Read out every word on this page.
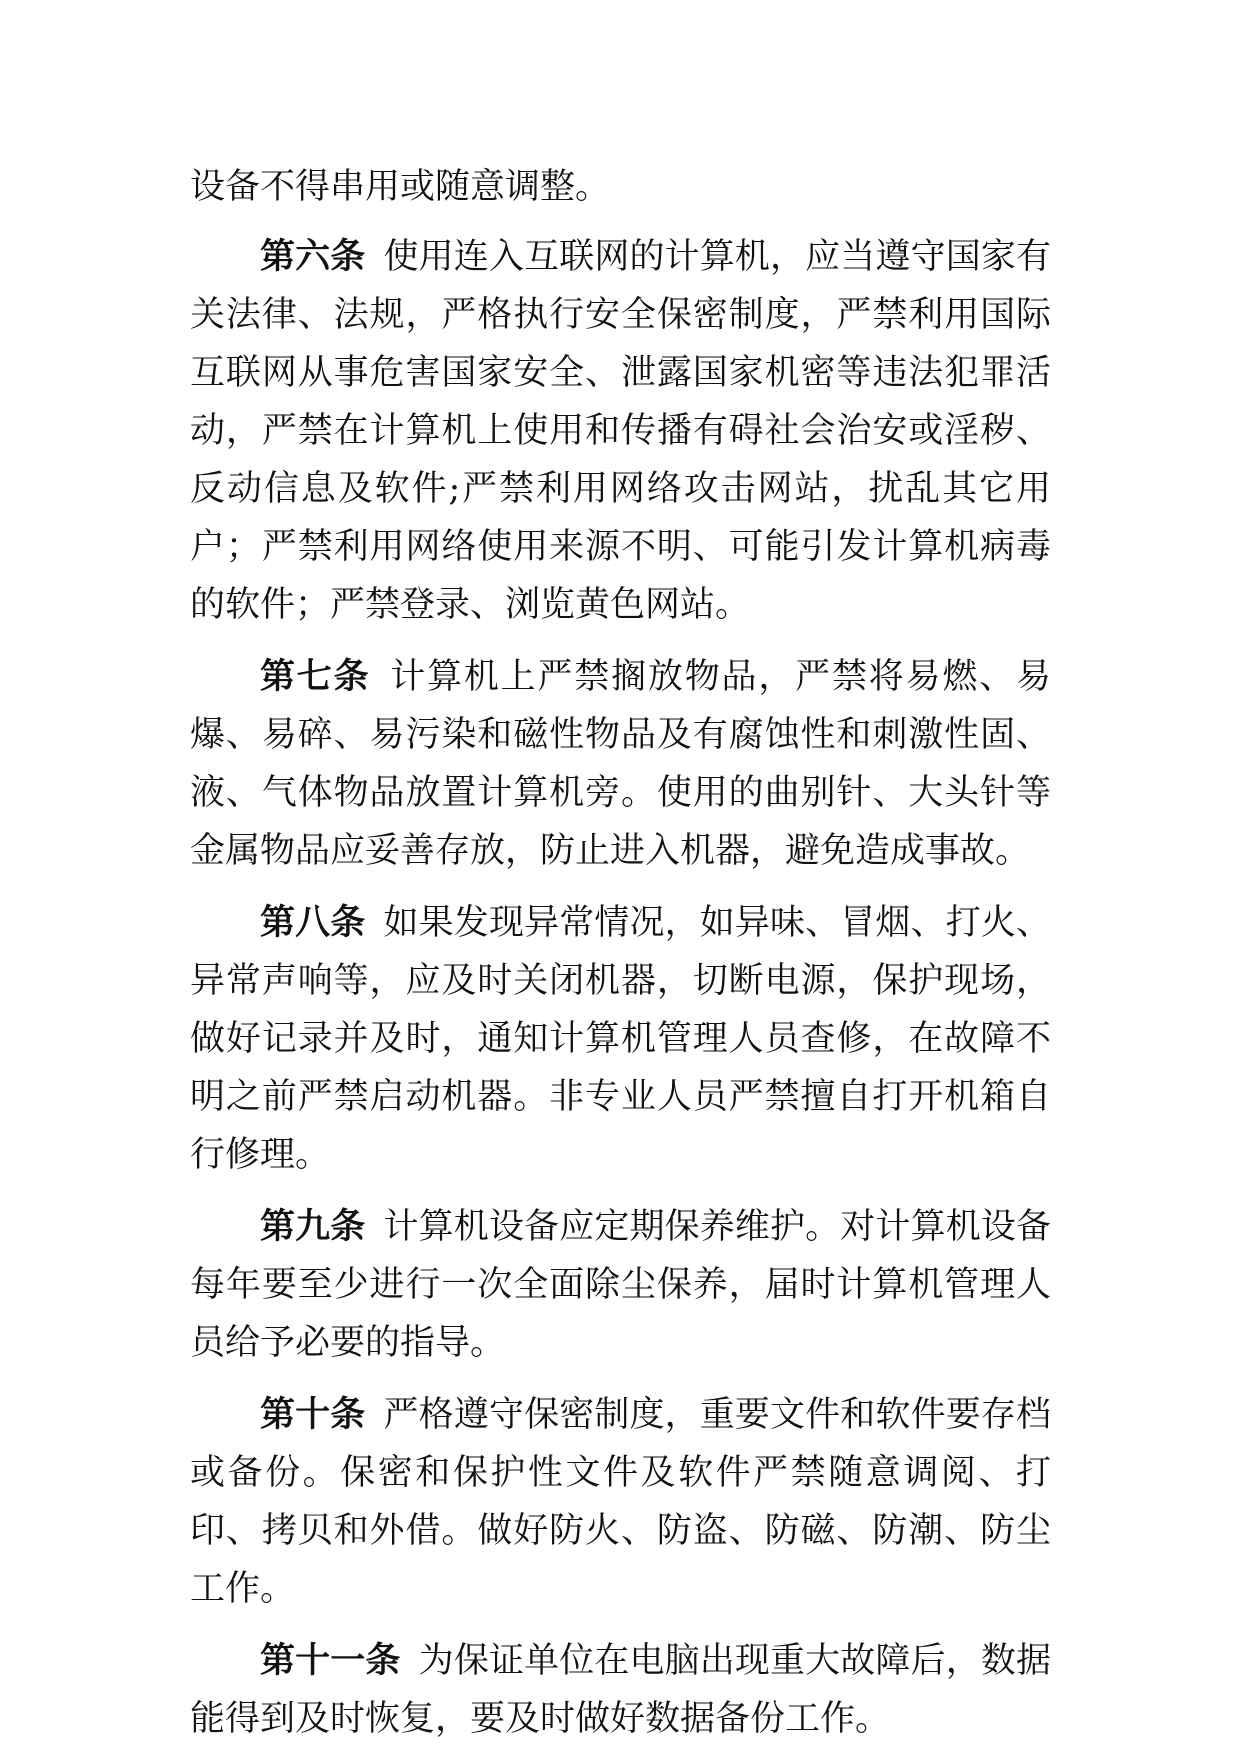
设备不得串用或随意调整。

第六条 使用连入互联网的计算机，应当遵守国家有关法律、法规，严格执行安全保密制度，严禁利用国际互联网从事危害国家安全、泄露国家机密等违法犯罪活动，严禁在计算机上使用和传播有碍社会治安或淫秽、反动信息及软件;严禁利用网络攻击网站，扰乱其它用户；严禁利用网络使用来源不明、可能引发计算机病毒的软件；严禁登录、浏览黄色网站。

第七条 计算机上严禁搁放物品，严禁将易燃、易爆、易碎、易污染和磁性物品及有腐蚀性和刺激性固、液、气体物品放置计算机旁。使用的曲别针、大头针等金属物品应妥善存放，防止进入机器，避免造成事故。

第八条 如果发现异常情况，如异味、冒烟、打火、异常声响等，应及时关闭机器，切断电源，保护现场，做好记录并及时，通知计算机管理人员查修，在故障不明之前严禁启动机器。非专业人员严禁擅自打开机箱自行修理。

第九条 计算机设备应定期保养维护。对计算机设备每年要至少进行一次全面除尘保养，届时计算机管理人员给予必要的指导。

第十条 严格遵守保密制度，重要文件和软件要存档或备份。保密和保护性文件及软件严禁随意调阅、打印、拷贝和外借。做好防火、防盗、防磁、防潮、防尘工作。

第十一条 为保证单位在电脑出现重大故障后，数据能得到及时恢复，要及时做好数据备份工作。
